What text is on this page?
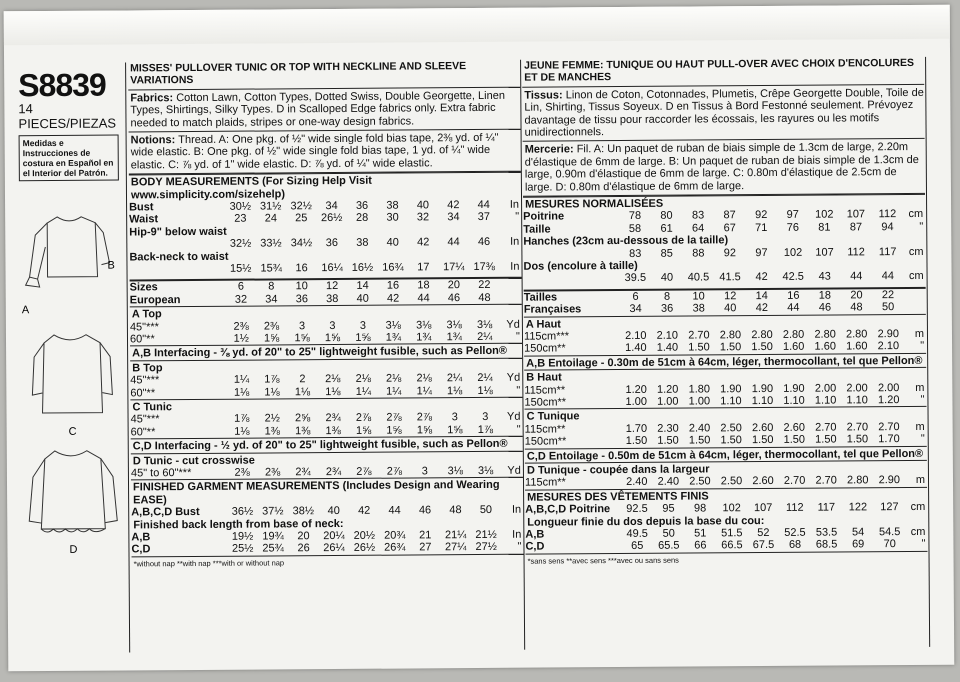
S8839
14 PIECES/PIEZAS
Medidas e Instrucciones de costura en Español en el Interior del Patrón.
B
A
C
D
MISSES' PULLOVER TUNIC OR TOP WITH NECKLINE AND SLEEVE VARIATIONS
Fabrics: Cotton Lawn, Cotton Types, Dotted Swiss, Double Georgette, Linen Types, Shirtings, Silky Types. D in Scalloped Edge fabrics only. Extra fabric needed to match plaids, stripes or one-way design fabrics.
Notions: Thread. A: One pkg. of ½" wide single fold bias tape, 2⅜ yd. of ¼" wide elastic. B: One pkg. of ½" wide single fold bias tape, 1 yd. of ¼" wide elastic. C: ⅞ yd. of 1" wide elastic. D: ⅞ yd. of ¼" wide elastic.
BODY MEASUREMENTS (For Sizing Help Visit www.simplicity.com/sizehelp)
Bust	30½ 31½ 32½	34	36	38	40	42	44	In
Waist	23	24	25	26½	28	30	32	34	37	"
Hip-9" below waist
32½ 33½ 34½	36	38	40	42	44	46	In
Back-neck to waist
15½ 15¾	16	16¼ 16½ 16¾	17	17¼ 17⅜	In
Sizes	6	8	10	12	14	16	18	20	22
European	32	34	36	38	40	42	44	46	48
A Top
45"***	2⅜	2⅜	3	3	3	3⅛	3⅛	3⅛	3⅛	Yd
60"**	1½	1⅝	1⅝	1⅝	1⅝	1¾	1¾	1¾	2¼	"
A,B Interfacing - ⅜ yd. of 20" to 25" lightweight fusible, such as Pellon®
B Top
45"***	1¼	1⅞	2	2⅛	2⅛	2⅛	2⅛	2¼	2¼	Yd
60"**	1⅛	1⅛	1⅛	1⅛	1¼	1¼	1¼	1⅛	1⅛	"
C Tunic
45"***	1⅞	2½	2⅝	2¾	2⅞	2⅞	2⅞	3	3	Yd
60"**	1⅛	1⅜	1⅜	1⅜	1⅝	1⅝	1⅝	1⅝	1⅞	"
C,D Interfacing - ½ yd. of 20" to 25" lightweight fusible, such as Pellon®
D Tunic - cut crosswise
45" to 60"***	2⅜	2⅜	2¾	2¾	2⅞	2⅞	3	3⅛	3⅛	Yd
FINISHED GARMENT MEASUREMENTS (Includes Design and Wearing EASE)
A,B,C,D Bust	36½ 37½ 38½	40	42	44	46	48	50	In
Finished back length from base of neck:
A,B	19½ 19¾	20	20¼ 20½ 20¾	21	21¼ 21½	In
C,D	25½ 25¾	26	26¼ 26½ 26¾	27	27¼ 27½	"
*without nap **with nap ***with or without nap
JEUNE FEMME: TUNIQUE OU HAUT PULL-OVER AVEC CHOIX D'ENCOLURES ET DE MANCHES
Tissus: Linon de Coton, Cotonnades, Plumetis, Crêpe Georgette Double, Toile de Lin, Shirting, Tissus Soyeux. D en Tissus à Bord Festonné seulement. Prévoyez davantage de tissu pour raccorder les écossais, les rayures ou les motifs unidirectionnels.
Mercerie: Fil. A: Un paquet de ruban de biais simple de 1.3cm de large, 2.20m d'élastique de 6mm de large. B: Un paquet de ruban de biais simple de 1.3cm de large, 0.90m d'élastique de 6mm de large. C: 0.80m d'élastique de 2.5cm de large. D: 0.80m d'élastique de 6mm de large.
MESURES NORMALISÉES
Poitrine	78	80	83	87	92	97	102	107	112	cm
Taille	58	61	64	67	71	76	81	87	94	"
Hanches (23cm au-dessous de la taille)
83	85	88	92	97	102	107	112	117	cm
Dos (encolure à taille)
39.5	40	40.5 41.5	42	42.5	43	44	44	cm
Tailles	6	8	10	12	14	16	18	20	22
Françaises	34	36	38	40	42	44	46	48	50
A Haut
115cm***	2.10 2.10 2.70 2.80 2.80 2.80 2.80 2.80 2.90	m
150cm**	1.40 1.40 1.50 1.50 1.50 1.60 1.60 1.60 2.10	"
A,B Entoilage - 0.30m de 51cm à 64cm, léger, thermocollant, tel que Pellon®
B Haut
115cm**	1.20 1.20 1.80 1.90 1.90 1.90 2.00 2.00 2.00	m
150cm**	1.00 1.00 1.00 1.10 1.10 1.10 1.10 1.10 1.20	"
C Tunique
115cm**	1.70 2.30 2.40 2.50 2.60 2.60 2.70 2.70 2.70	m
150cm**	1.50 1.50 1.50 1.50 1.50 1.50 1.50 1.50 1.70	"
C,D Entoilage - 0.50m de 51cm à 64cm, léger, thermocollant, tel que Pellon®
D Tunique - coupée dans la largeur
115cm**	2.40 2.40 2.50 2.50 2.60 2.70 2.70 2.80 2.90	m
MESURES DES VÊTEMENTS FINIS
A,B,C,D Poitrine	92.5	95	98	102	107	112	117	122	127	cm
Longueur finie du dos depuis la base du cou:
A,B	49.5	50	51	51.5	52	52.5 53.5	54	54.5 cm
C,D	65	65.5	66	66.5 67.5	68	68.5	69	70	"
*sans sens **avec sens ***avec ou sans sens
